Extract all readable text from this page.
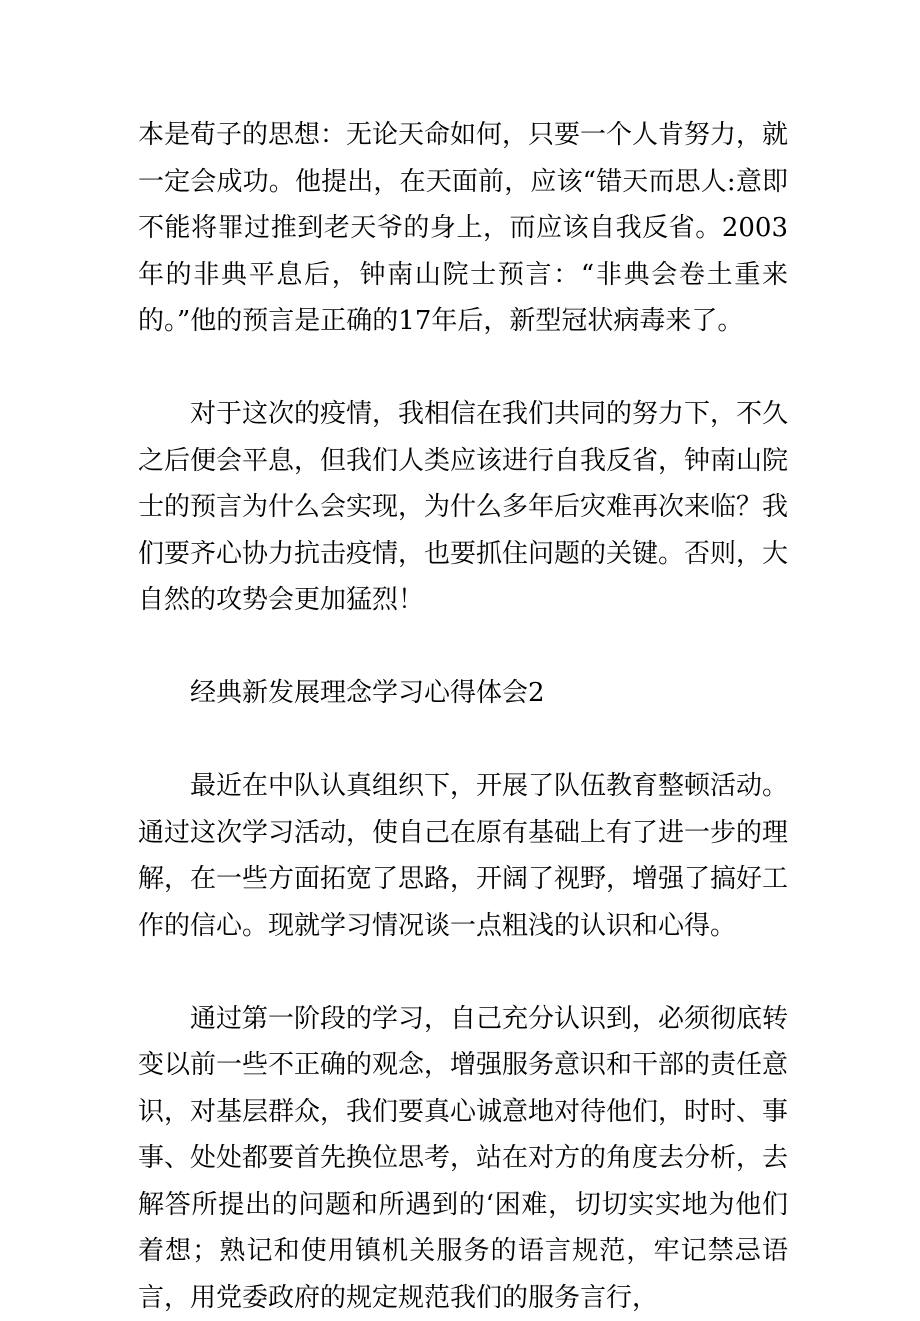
本是荀子的思想：无论天命如何，只要一个人肯努力，就一定会成功。他提出，在天面前，应该“错天而思人:意即不能将罪过推到老天爷的身上，而应该自我反省。2003年的非典平息后，钟南山院士预言：“非典会卷土重来的。”他的预言是正确的17年后，新型冠状病毒来了。

对于这次的疫情，我相信在我们共同的努力下，不久之后便会平息，但我们人类应该进行自我反省，钟南山院士的预言为什么会实现，为什么多年后灾难再次来临？我们要齐心协力抗击疫情，也要抓住问题的关键。否则，大自然的攻势会更加猛烈！

经典新发展理念学习心得体会2

最近在中队认真组织下，开展了队伍教育整顿活动。通过这次学习活动，使自己在原有基础上有了进一步的理解，在一些方面拓宽了思路，开阔了视野，增强了搞好工作的信心。现就学习情况谈一点粗浅的认识和心得。

通过第一阶段的学习，自己充分认识到，必须彻底转变以前一些不正确的观念，增强服务意识和干部的责任意识，对基层群众，我们要真心诚意地对待他们，时时、事事、处处都要首先换位思考，站在对方的角度去分析，去解答所提出的问题和所遇到的‘困难，切切实实地为他们着想；熟记和使用镇机关服务的语言规范，牢记禁忌语言，用党委政府的规定规范我们的服务言行，
